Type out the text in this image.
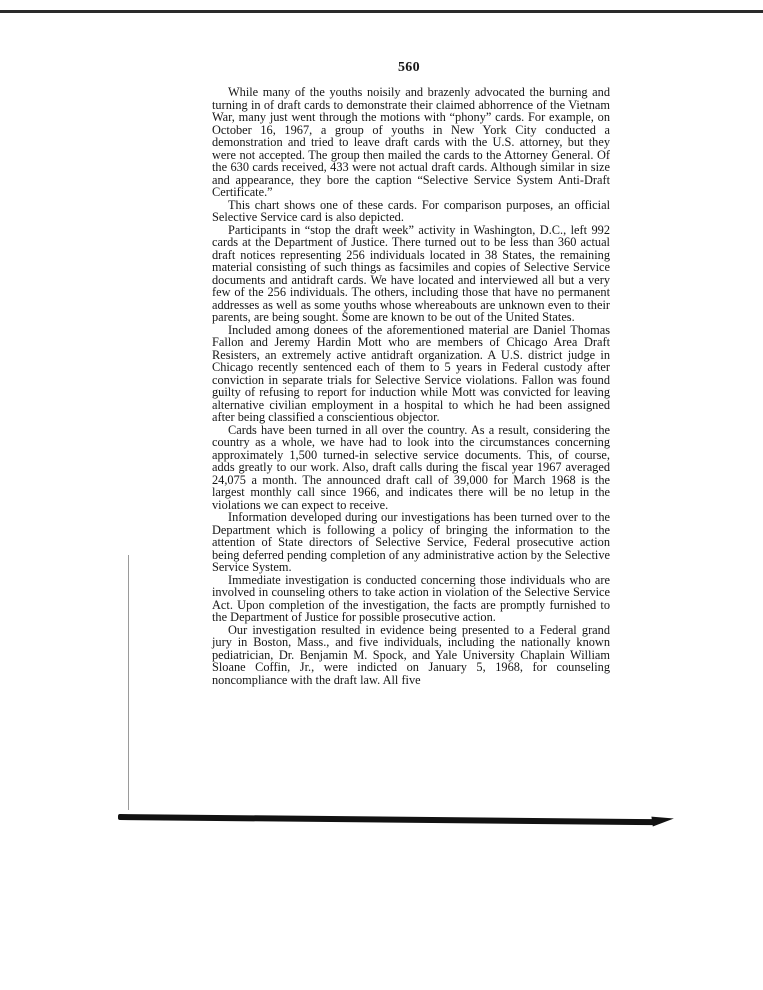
560

While many of the youths noisily and brazenly advocated the burning and turning in of draft cards to demonstrate their claimed abhorrence of the Vietnam War, many just went through the motions with “phony” cards. For example, on October 16, 1967, a group of youths in New York City conducted a demonstration and tried to leave draft cards with the U.S. attorney, but they were not accepted. The group then mailed the cards to the Attorney General. Of the 630 cards received, 433 were not actual draft cards. Although similar in size and appearance, they bore the caption “Selective Service System Anti-Draft Certificate.”

This chart shows one of these cards. For comparison purposes, an official Selective Service card is also depicted.

Participants in “stop the draft week” activity in Washington, D.C., left 992 cards at the Department of Justice. There turned out to be less than 360 actual draft notices representing 256 individuals located in 38 States, the remaining material consisting of such things as facsimiles and copies of Selective Service documents and antidraft cards. We have located and interviewed all but a very few of the 256 individuals. The others, including those that have no permanent addresses as well as some youths whose whereabouts are unknown even to their parents, are being sought. Some are known to be out of the United States.

Included among donees of the aforementioned material are Daniel Thomas Fallon and Jeremy Hardin Mott who are members of Chicago Area Draft Resisters, an extremely active antidraft organization. A U.S. district judge in Chicago recently sentenced each of them to 5 years in Federal custody after conviction in separate trials for Selective Service violations. Fallon was found guilty of refusing to report for induction while Mott was convicted for leaving alternative civilian employment in a hospital to which he had been assigned after being classified a conscientious objector.

Cards have been turned in all over the country. As a result, considering the country as a whole, we have had to look into the circumstances concerning approximately 1,500 turned-in selective service documents. This, of course, adds greatly to our work. Also, draft calls during the fiscal year 1967 averaged 24,075 a month. The announced draft call of 39,000 for March 1968 is the largest monthly call since 1966, and indicates there will be no letup in the violations we can expect to receive.

Information developed during our investigations has been turned over to the Department which is following a policy of bringing the information to the attention of State directors of Selective Service, Federal prosecutive action being deferred pending completion of any administrative action by the Selective Service System.

Immediate investigation is conducted concerning those individuals who are involved in counseling others to take action in violation of the Selective Service Act. Upon completion of the investigation, the facts are promptly furnished to the Department of Justice for possible prosecutive action.

Our investigation resulted in evidence being presented to a Federal grand jury in Boston, Mass., and five individuals, including the nationally known pediatrician, Dr. Benjamin M. Spock, and Yale University Chaplain William Sloane Coffin, Jr., were indicted on January 5, 1968, for counseling noncompliance with the draft law. All five
